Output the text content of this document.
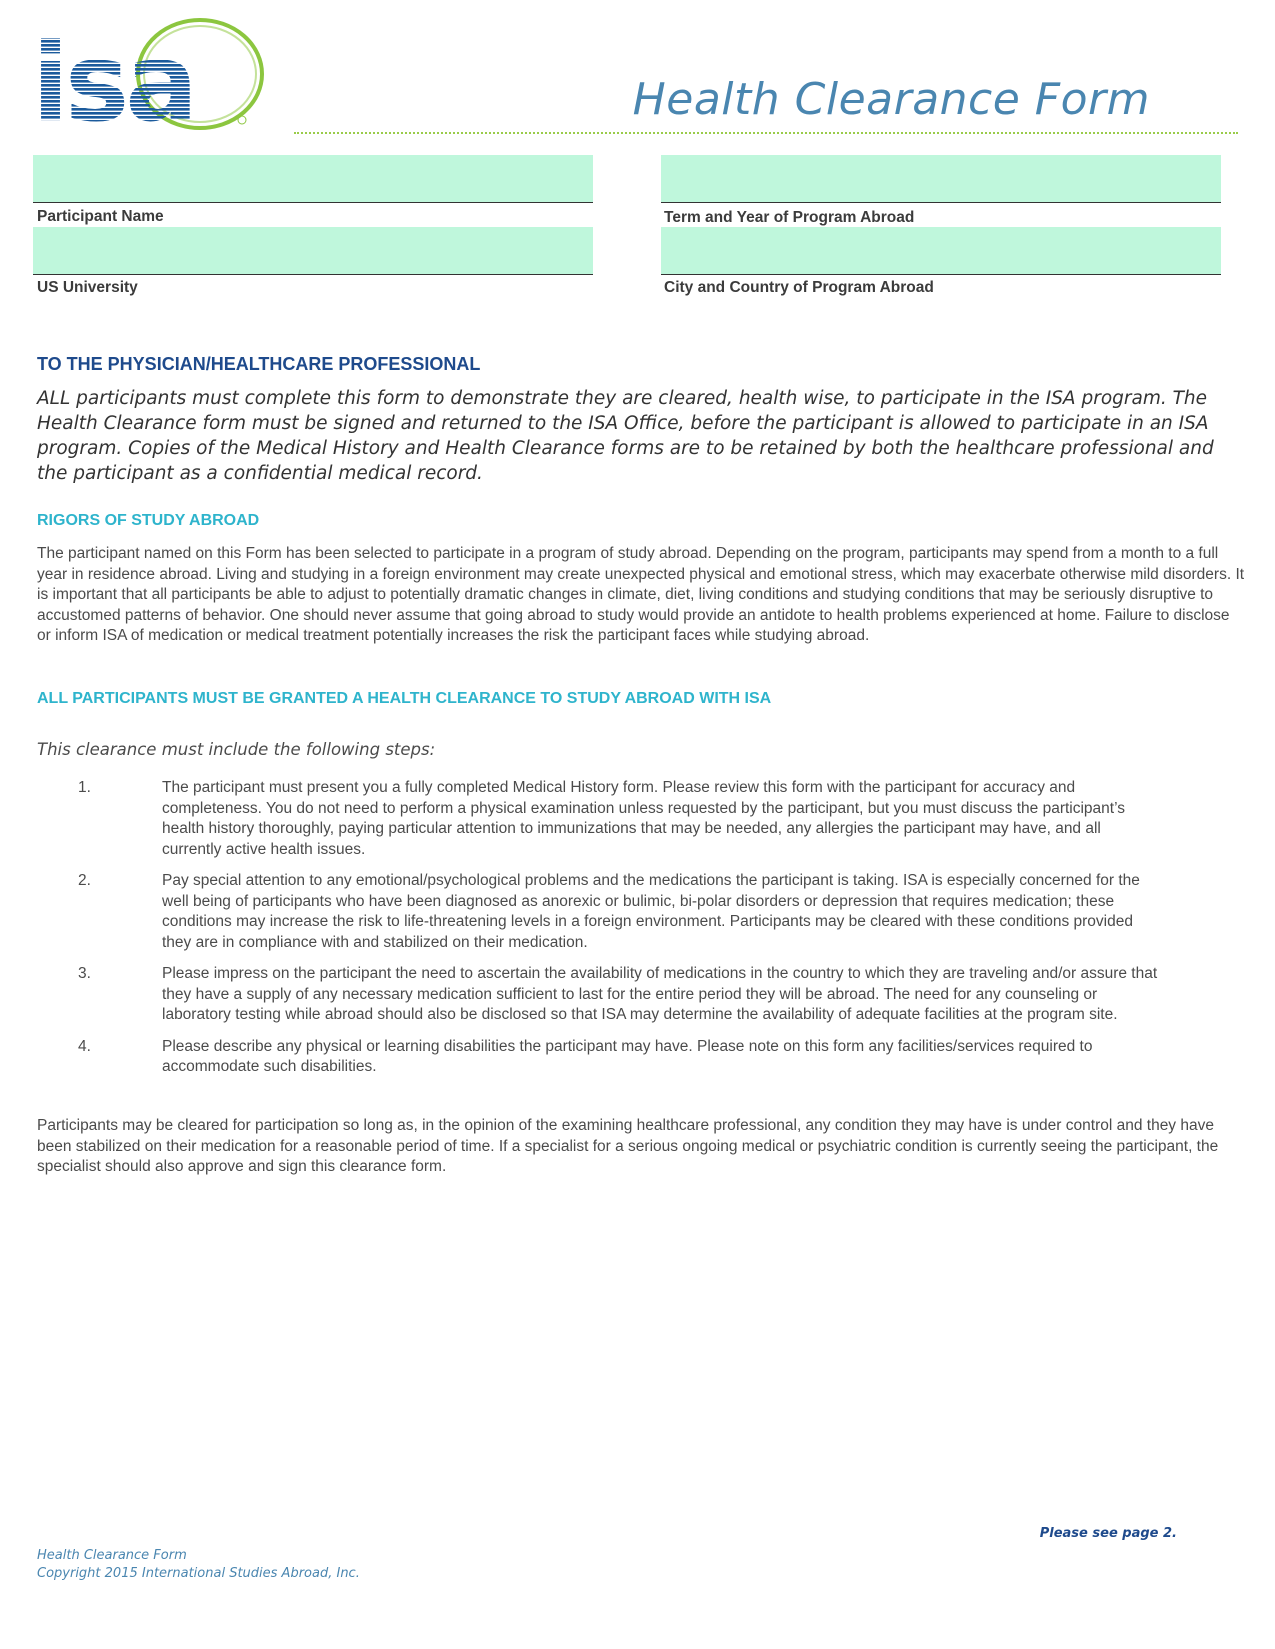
isa	Health Clearance Form
Participant Name	Term and Year of Program Abroad
US University	City and Country of Program Abroad
TO THE PHYSICIAN/HEALTHCARE PROFESSIONAL
ALL participants must complete this form to demonstrate they are cleared, health wise, to participate in the ISA program. The Health Clearance form must be signed and returned to the ISA Office, before the participant is allowed to participate in an ISA program. Copies of the Medical History and Health Clearance forms are to be retained by both the healthcare professional and the participant as a confidential medical record.
RIGORS OF STUDY ABROAD
The participant named on this Form has been selected to participate in a program of study abroad. Depending on the program, participants may spend from a month to a full year in residence abroad. Living and studying in a foreign environment may create unexpected physical and emotional stress, which may exacerbate otherwise mild disorders. It is important that all participants be able to adjust to potentially dramatic changes in climate, diet, living conditions and studying conditions that may be seriously disruptive to accustomed patterns of behavior. One should never assume that going abroad to study would provide an antidote to health problems experienced at home. Failure to disclose or inform ISA of medication or medical treatment potentially increases the risk the participant faces while studying abroad.
ALL PARTICIPANTS MUST BE GRANTED A HEALTH CLEARANCE TO STUDY ABROAD WITH ISA
This clearance must include the following steps:
1.	The participant must present you a fully completed Medical History form. Please review this form with the participant for accuracy and completeness. You do not need to perform a physical examination unless requested by the participant, but you must discuss the participant’s health history thoroughly, paying particular attention to immunizations that may be needed, any allergies the participant may have, and all currently active health issues.
2.	Pay special attention to any emotional/psychological problems and the medications the participant is taking. ISA is especially concerned for the well being of participants who have been diagnosed as anorexic or bulimic, bi-polar disorders or depression that requires medication; these conditions may increase the risk to life-threatening levels in a foreign environment. Participants may be cleared with these conditions provided they are in compliance with and stabilized on their medication.
3.	Please impress on the participant the need to ascertain the availability of medications in the country to which they are traveling and/or assure that they have a supply of any necessary medication sufficient to last for the entire period they will be abroad. The need for any counseling or laboratory testing while abroad should also be disclosed so that ISA may determine the availability of adequate facilities at the program site.
4.	Please describe any physical or learning disabilities the participant may have. Please note on this form any facilities/services required to accommodate such disabilities.
Participants may be cleared for participation so long as, in the opinion of the examining healthcare professional, any condition they may have is under control and they have been stabilized on their medication for a reasonable period of time. If a specialist for a serious ongoing medical or psychiatric condition is currently seeing the participant, the specialist should also approve and sign this clearance form.
Please see page 2.
Health Clearance Form
Copyright 2015 International Studies Abroad, Inc.
